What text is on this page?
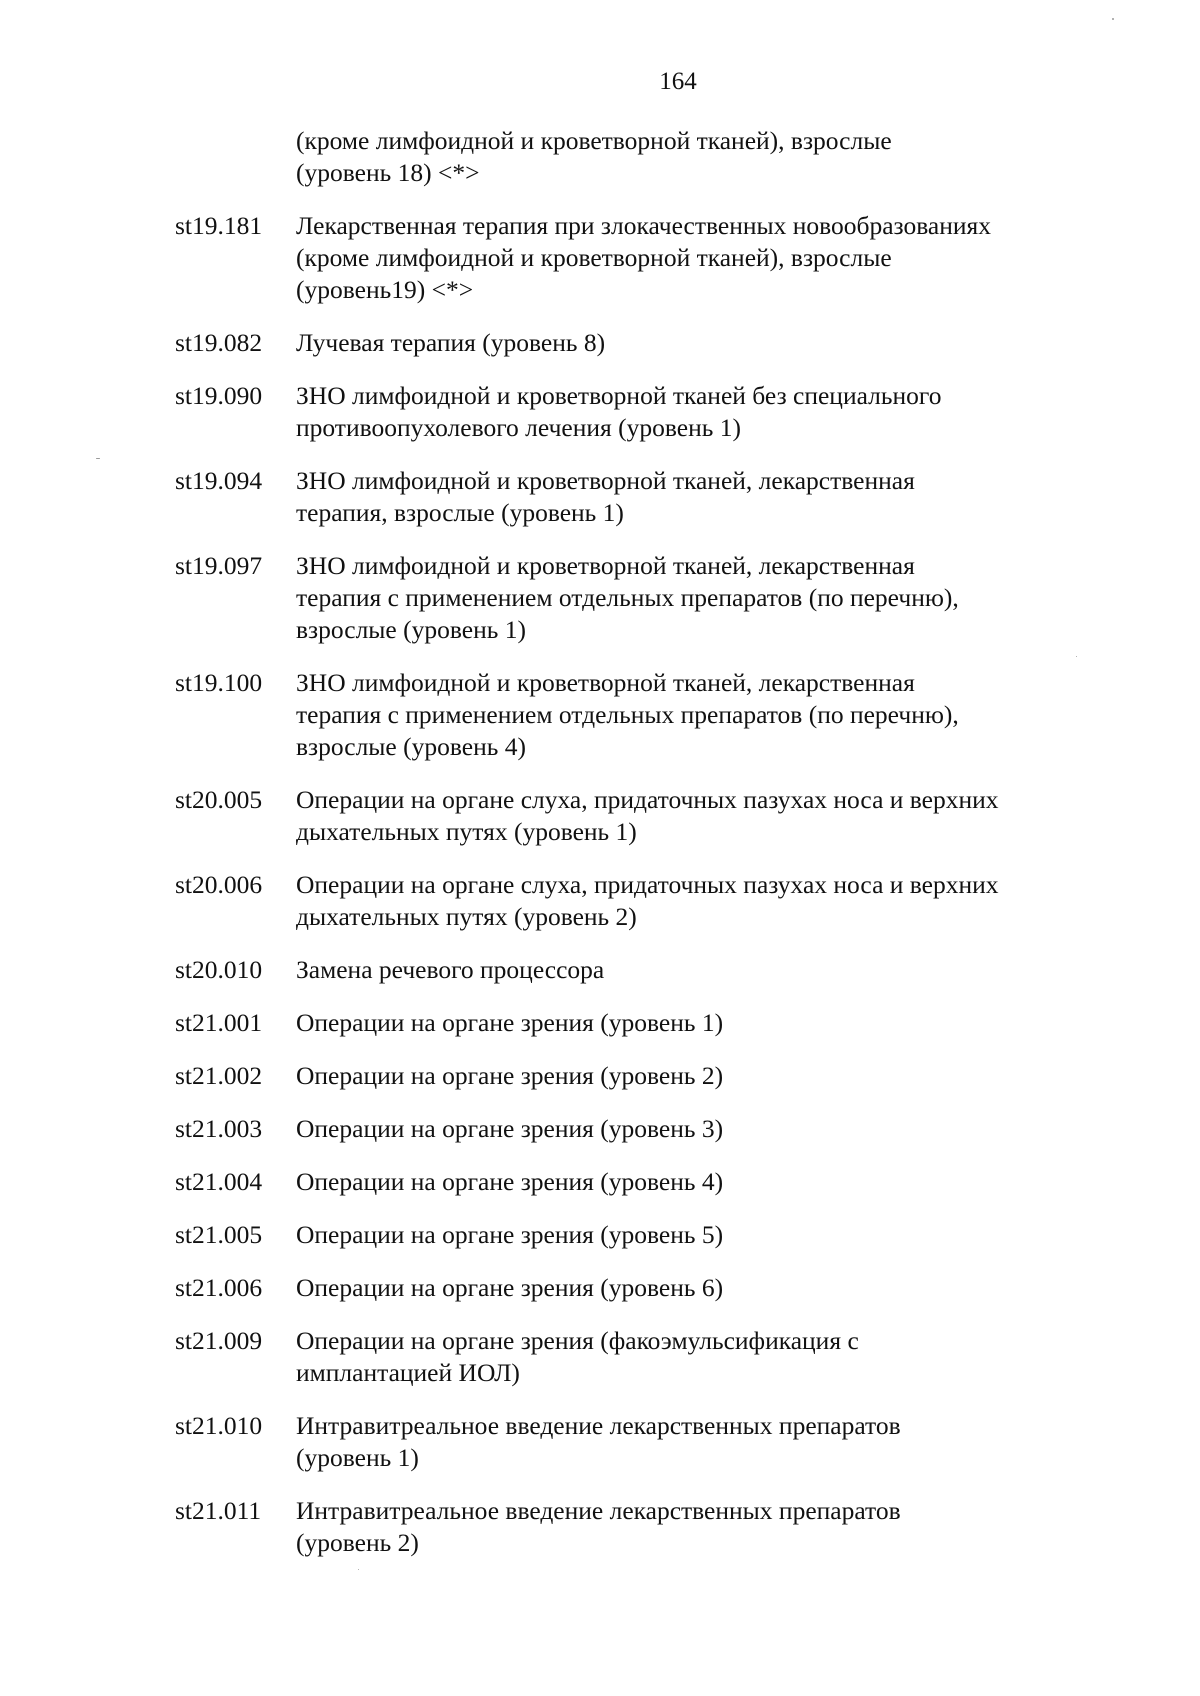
164
(кроме лимфоидной и кроветворной тканей), взрослые
(уровень 18) <*>
st19.181	Лекарственная терапия при злокачественных новообразованиях
(кроме лимфоидной и кроветворной тканей), взрослые
(уровень19) <*>
st19.082	Лучевая терапия (уровень 8)
st19.090	ЗНО лимфоидной и кроветворной тканей без специального
противоопухолевого лечения (уровень 1)
st19.094	ЗНО лимфоидной и кроветворной тканей, лекарственная
терапия, взрослые (уровень 1)
st19.097	ЗНО лимфоидной и кроветворной тканей, лекарственная
терапия с применением отдельных препаратов (по перечню),
взрослые (уровень 1)
st19.100	ЗНО лимфоидной и кроветворной тканей, лекарственная
терапия с применением отдельных препаратов (по перечню),
взрослые (уровень 4)
st20.005	Операции на органе слуха, придаточных пазухах носа и верхних
дыхательных путях (уровень 1)
st20.006	Операции на органе слуха, придаточных пазухах носа и верхних
дыхательных путях (уровень 2)
st20.010	Замена речевого процессора
st21.001	Операции на органе зрения (уровень 1)
st21.002	Операции на органе зрения (уровень 2)
st21.003	Операции на органе зрения (уровень 3)
st21.004	Операции на органе зрения (уровень 4)
st21.005	Операции на органе зрения (уровень 5)
st21.006	Операции на органе зрения (уровень 6)
st21.009	Операции на органе зрения (факоэмульсификация с
имплантацией ИОЛ)
st21.010	Интравитреальное введение лекарственных препаратов
(уровень 1)
st21.011	Интравитреальное введение лекарственных препаратов
(уровень 2)
